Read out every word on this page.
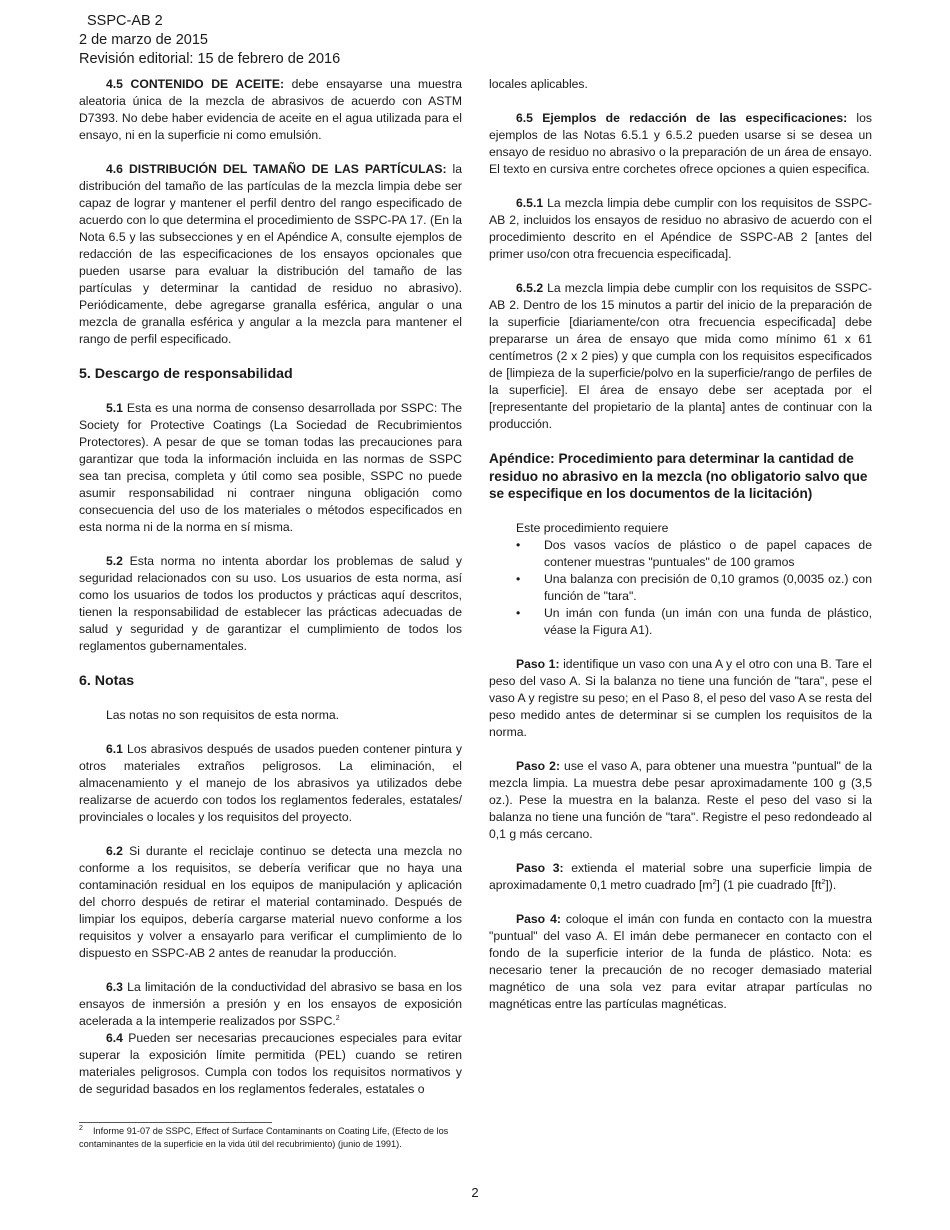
SSPC-AB 2
2 de marzo de 2015
Revisión editorial: 15 de febrero de 2016

4.5 CONTENIDO DE ACEITE: debe ensayarse una muestra aleatoria única de la mezcla de abrasivos de acuerdo con ASTM D7393. No debe haber evidencia de aceite en el agua utilizada para el ensayo, ni en la superficie ni como emulsión.

4.6 DISTRIBUCIÓN DEL TAMAÑO DE LAS PARTÍCULAS: la distribución del tamaño de las partículas de la mezcla limpia debe ser capaz de lograr y mantener el perfil dentro del rango especificado de acuerdo con lo que determina el procedimiento de SSPC-PA 17. (En la Nota 6.5 y las subsecciones y en el Apéndice A, consulte ejemplos de redacción de las especificaciones de los ensayos opcionales que pueden usarse para evaluar la distribución del tamaño de las partículas y determinar la cantidad de residuo no abrasivo). Periódicamente, debe agregarse granalla esférica, angular o una mezcla de granalla esférica y angular a la mezcla para mantener el rango de perfil especificado.

5. Descargo de responsabilidad

5.1 Esta es una norma de consenso desarrollada por SSPC: The Society for Protective Coatings (La Sociedad de Recubrimientos Protectores). A pesar de que se toman todas las precauciones para garantizar que toda la información incluida en las normas de SSPC sea tan precisa, completa y útil como sea posible, SSPC no puede asumir responsabilidad ni contraer ninguna obligación como consecuencia del uso de los materiales o métodos especificados en esta norma ni de la norma en sí misma.

5.2 Esta norma no intenta abordar los problemas de salud y seguridad relacionados con su uso. Los usuarios de esta norma, así como los usuarios de todos los productos y prácticas aquí descritos, tienen la responsabilidad de establecer las prácticas adecuadas de salud y seguridad y de garantizar el cumplimiento de todos los reglamentos gubernamentales.

6. Notas

Las notas no son requisitos de esta norma.

6.1 Los abrasivos después de usados pueden contener pintura y otros materiales extraños peligrosos. La eliminación, el almacenamiento y el manejo de los abrasivos ya utilizados debe realizarse de acuerdo con todos los reglamentos federales, estatales/ provinciales o locales y los requisitos del proyecto.

6.2 Si durante el reciclaje continuo se detecta una mezcla no conforme a los requisitos, se debería verificar que no haya una contaminación residual en los equipos de manipulación y aplicación del chorro después de retirar el material contaminado. Después de limpiar los equipos, debería cargarse material nuevo conforme a los requisitos y volver a ensayarlo para verificar el cumplimiento de lo dispuesto en SSPC-AB 2 antes de reanudar la producción.

6.3 La limitación de la conductividad del abrasivo se basa en los ensayos de inmersión a presión y en los ensayos de exposición acelerada a la intemperie realizados por SSPC.$^2$

6.4 Pueden ser necesarias precauciones especiales para evitar superar la exposición límite permitida (PEL) cuando se retiren materiales peligrosos. Cumpla con todos los requisitos normativos y de seguridad basados en los reglamentos federales, estatales o

locales aplicables.

6.5 Ejemplos de redacción de las especificaciones: los ejemplos de las Notas 6.5.1 y 6.5.2 pueden usarse si se desea un ensayo de residuo no abrasivo o la preparación de un área de ensayo. El texto en cursiva entre corchetes ofrece opciones a quien especifica.

6.5.1 La mezcla limpia debe cumplir con los requisitos de SSPC-AB 2, incluidos los ensayos de residuo no abrasivo de acuerdo con el procedimiento descrito en el Apéndice de SSPC-AB 2 [antes del primer uso/con otra frecuencia especificada].

6.5.2 La mezcla limpia debe cumplir con los requisitos de SSPC-AB 2. Dentro de los 15 minutos a partir del inicio de la preparación de la superficie [diariamente/con otra frecuencia especificada] debe prepararse un área de ensayo que mida como mínimo 61 x 61 centímetros (2 x 2 pies) y que cumpla con los requisitos especificados de [limpieza de la superficie/polvo en la superficie/rango de perfiles de la superficie]. El área de ensayo debe ser aceptada por el [representante del propietario de la planta] antes de continuar con la producción.

Apéndice: Procedimiento para determinar la cantidad de residuo no abrasivo en la mezcla (no obligatorio salvo que se especifique en los documentos de la licitación)

Este procedimiento requiere

• Dos vasos vacíos de plástico o de papel capaces de contener muestras "puntuales" de 100 gramos
• Una balanza con precisión de 0,10 gramos (0,0035 oz.) con función de "tara".
• Un imán con funda (un imán con una funda de plástico, véase la Figura A1).

Paso 1: identifique un vaso con una A y el otro con una B. Tare el peso del vaso A. Si la balanza no tiene una función de "tara", pese el vaso A y registre su peso; en el Paso 8, el peso del vaso A se resta del peso medido antes de determinar si se cumplen los requisitos de la norma.

Paso 2: use el vaso A, para obtener una muestra "puntual" de la mezcla limpia. La muestra debe pesar aproximadamente 100 g (3,5 oz.). Pese la muestra en la balanza. Reste el peso del vaso si la balanza no tiene una función de "tara". Registre el peso redondeado al 0,1 g más cercano.

Paso 3: extienda el material sobre una superficie limpia de aproximadamente 0,1 metro cuadrado $[m^2]$ (1 pie cuadrado $[ft^2]$).

Paso 4: coloque el imán con funda en contacto con la muestra "puntual" del vaso A. El imán debe permanecer en contacto con el fondo de la superficie interior de la funda de plástico. Nota: es necesario tener la precaución de no recoger demasiado material magnético de una sola vez para evitar atrapar partículas no magnéticas entre las partículas magnéticas.

$^2$ Informe 91-07 de SSPC, Effect of Surface Contaminants on Coating Life, (Efecto de los contaminantes de la superficie en la vida útil del recubrimiento) (junio de 1991).
2
